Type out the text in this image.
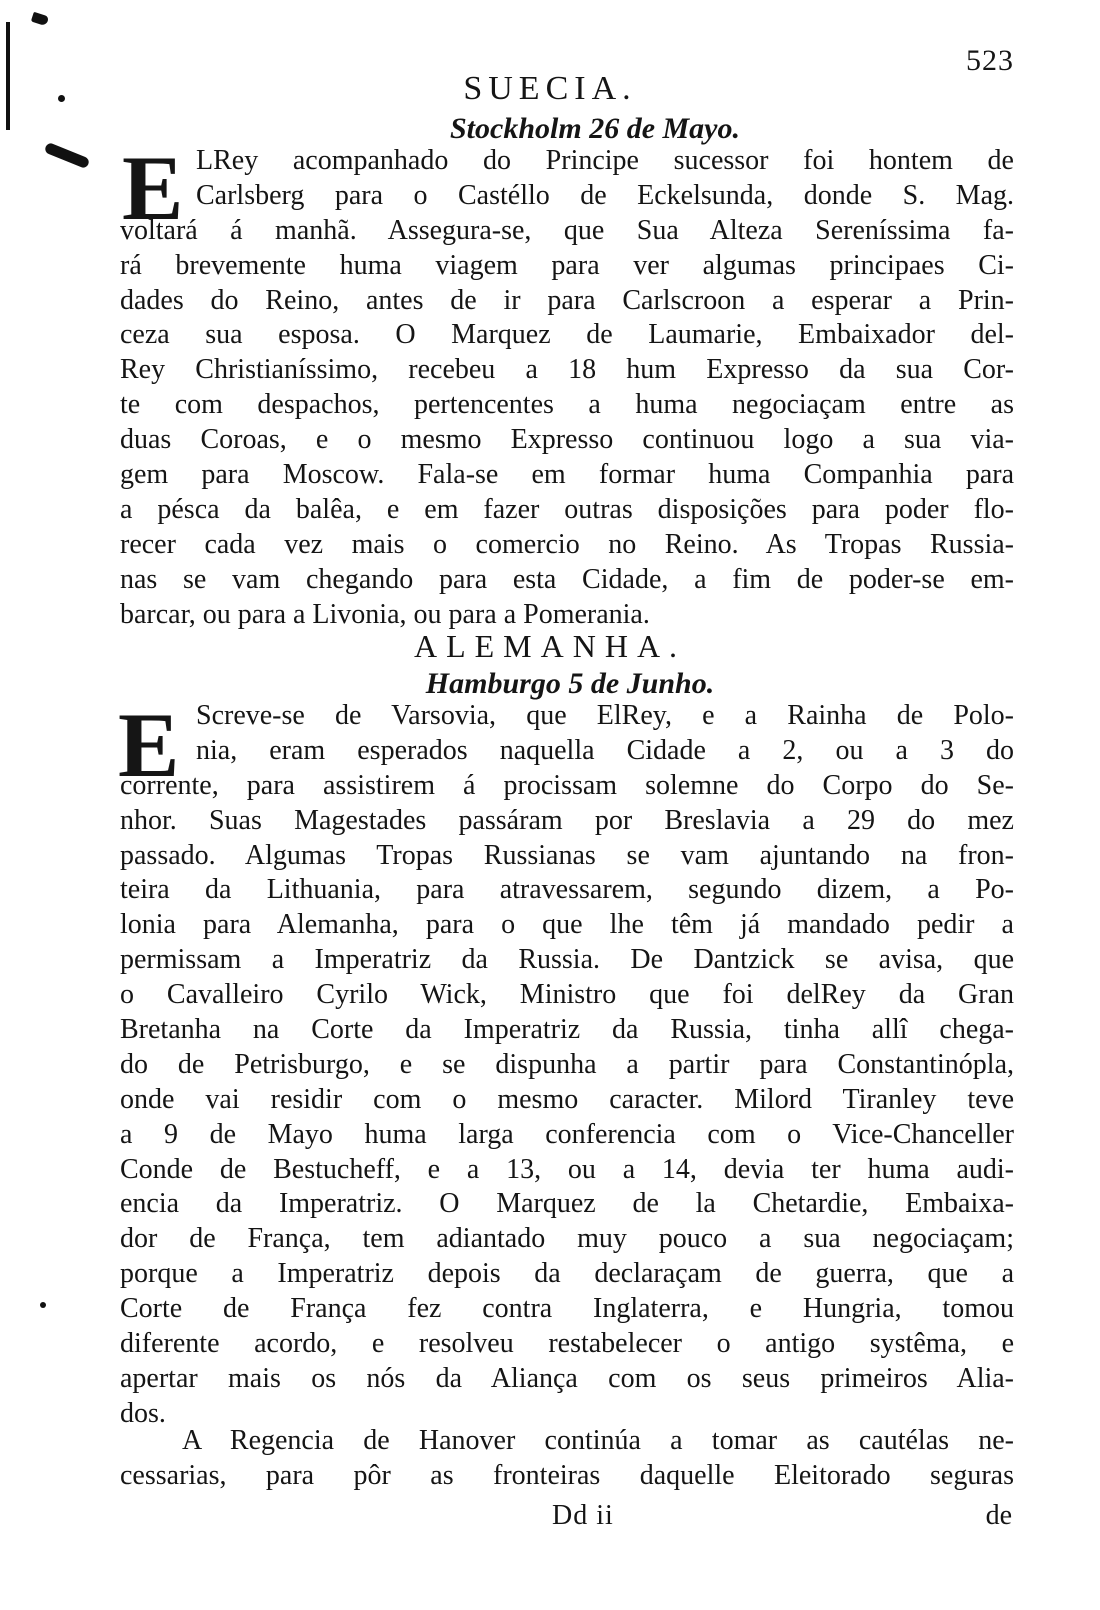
523
SUECIA.
Stockholm 26 de Mayo.
E LRey acompanhado do Principe sucessor foi hontem de
Carlsberg para o Castéllo de Eckelsunda, donde S. Mag.
voltará á manhã. Assegura-se, que Sua Alteza Sereníssima fa-
rá brevemente huma viagem para ver algumas principaes Ci-
dades do Reino, antes de ir para Carlscroon a esperar a Prin-
ceza sua esposa. O Marquez de Laumarie, Embaixador del-
Rey Christianíssimo, recebeu a 18 hum Expresso da sua Cor-
te com despachos, pertencentes a huma negociaçam entre as
duas Coroas, e o mesmo Expresso continuou logo a sua via-
gem para Moscow. Fala-se em formar huma Companhia para
a pésca da balêa, e em fazer outras disposições para poder flo-
recer cada vez mais o comercio no Reino. As Tropas Russia-
nas se vam chegando para esta Cidade, a fim de poder-se em-
barcar, ou para a Livonia, ou para a Pomerania.
ALEMANHA.
Hamburgo 5 de Junho.
E Screve-se de Varsovia, que ElRey, e a Rainha de Polo-
nia, eram esperados naquella Cidade a 2, ou a 3 do
corrente, para assistirem á procissam solemne do Corpo do Se-
nhor. Suas Magestades passáram por Breslavia a 29 do mez
passado. Algumas Tropas Russianas se vam ajuntando na fron-
teira da Lithuania, para atravessarem, segundo dizem, a Po-
lonia para Alemanha, para o que lhe têm já mandado pedir a
permissam a Imperatriz da Russia. De Dantzick se avisa, que
o Cavalleiro Cyrilo Wick, Ministro que foi delRey da Gran
Bretanha na Corte da Imperatriz da Russia, tinha allî chega-
do de Petrisburgo, e se dispunha a partir para Constantinópla,
onde vai residir com o mesmo caracter. Milord Tiranley teve
a 9 de Mayo huma larga conferencia com o Vice-Chanceller
Conde de Bestucheff, e a 13, ou a 14, devia ter huma audi-
encia da Imperatriz. O Marquez de la Chetardie, Embaixa-
dor de França, tem adiantado muy pouco a sua negociaçam;
porque a Imperatriz depois da declaraçam de guerra, que a
Corte de França fez contra Inglaterra, e Hungria, tomou
diferente acordo, e resolveu restabelecer o antigo systêma, e
apertar mais os nós da Aliança com os seus primeiros Alia-
dos.
A Regencia de Hanover continúa a tomar as cautélas ne-
cessarias, para pôr as fronteiras daquelle Eleitorado seguras
Dd ii	de
